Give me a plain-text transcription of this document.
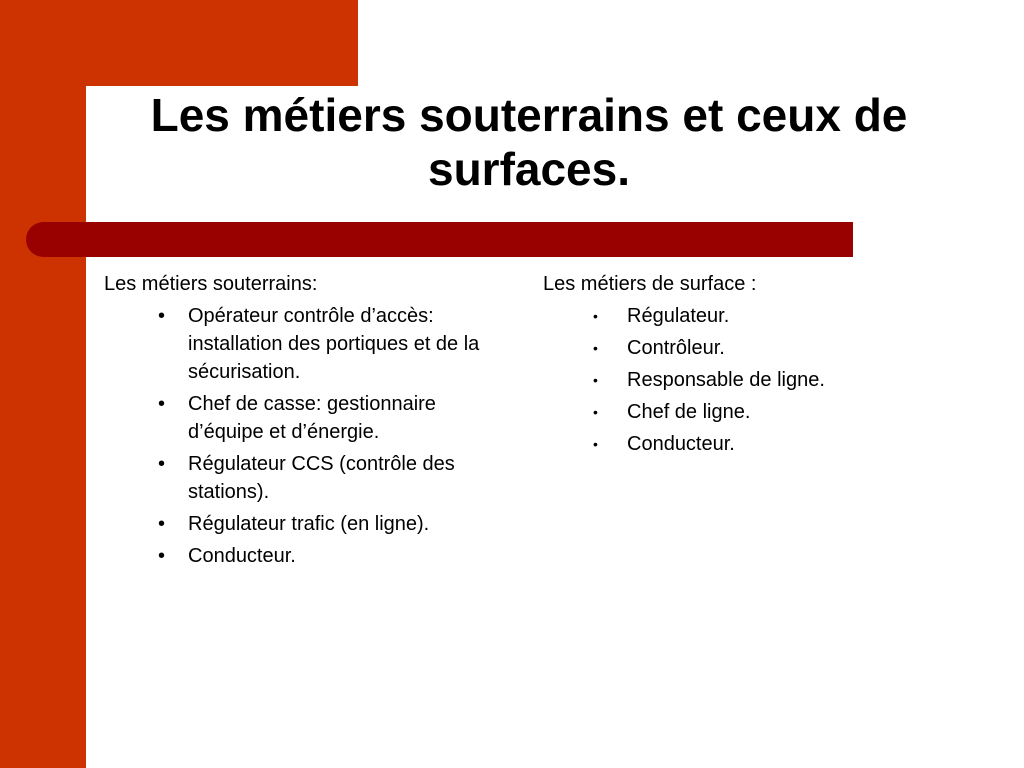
Les métiers souterrains et ceux de surfaces.

Les métiers souterrains:

• Opérateur contrôle d’accès: installation des portiques et de la sécurisation.
• Chef de casse: gestionnaire d’équipe et d’énergie.
• Régulateur CCS (contrôle des stations).
• Régulateur trafic (en ligne).
• Conducteur.

Les métiers de surface :

• Régulateur.
• Contrôleur.
• Responsable de ligne.
• Chef de ligne.
• Conducteur.
